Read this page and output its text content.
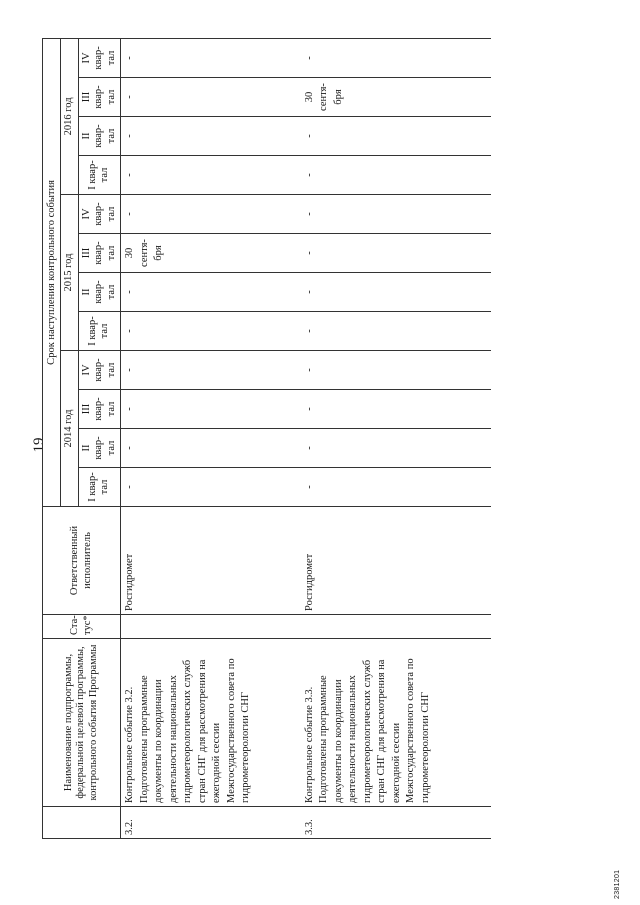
19
	Наименование подпрограммы, федеральной целевой программы, контрольного события Программы	Ста-тус*	Ответственный исполнитель	Срок наступления контрольного события											
				2014 год				2015 год				2016 год			
				I квар-тал	II квар-тал	III квар-тал	IV квар-тал	I квар-тал	II квар-тал	III квар-тал	IV квар-тал	I квар-тал	II квар-тал	III квар-тал	IV квар-тал
3.2.	Контрольное событие 3.2. Подготовлены программные документы по координации деятельности национальных гидрометеорологических служб стран СНГ для рассмотрения на ежегодной сессии Межгосударственного совета по гидрометеорологии СНГ		Росгидромет	-	-	-	-	-	-	30 сентя-бря	-	-	-	-	-
3.3.	Контрольное событие 3.3. Подготовлены программные документы по координации деятельности национальных гидрометеорологических служб стран СНГ для рассмотрения на ежегодной сессии Межгосударственного совета по гидрометеорологии СНГ		Росгидромет	-	-	-	-	-	-	-	-	-	-	30 сентя-бря	-
2381201
